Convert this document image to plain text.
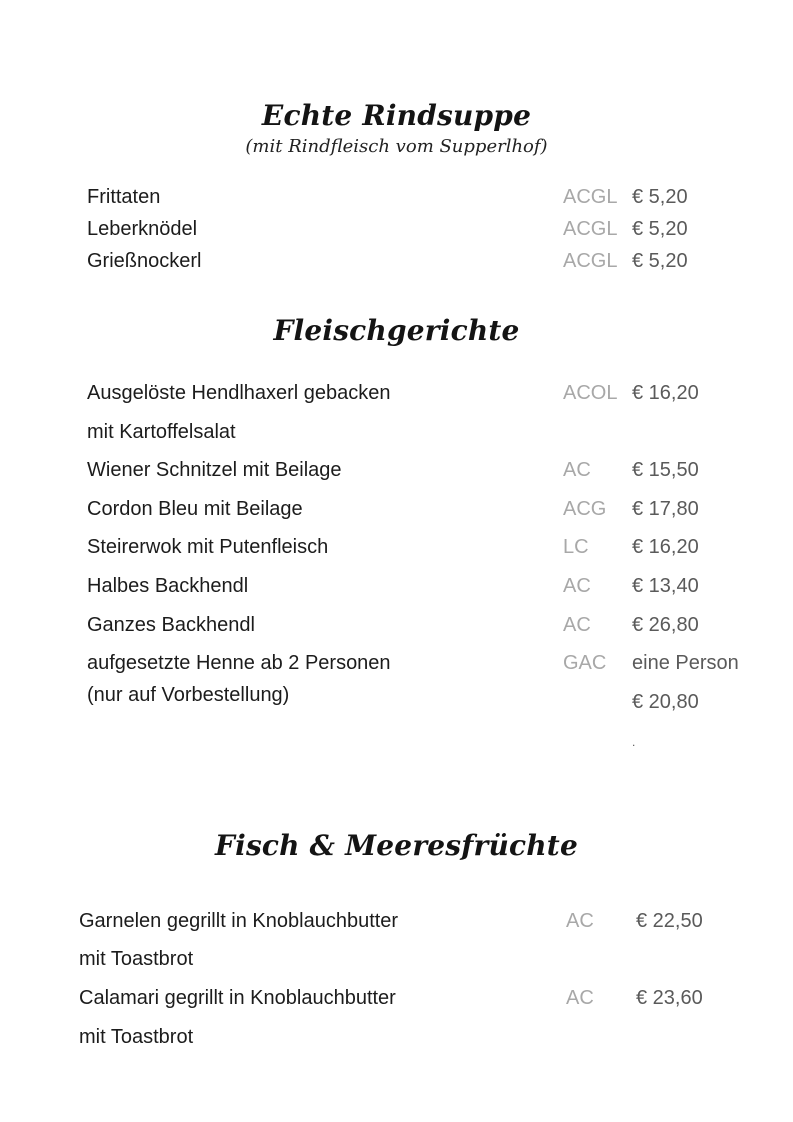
Echte Rindsuppe
(mit Rindfleisch vom Supperlhof)
Frittaten	ACGL € 5,20
Leberknödel	ACGL € 5,20
Grießnockerl	ACGL € 5,20
Fleischgerichte
Ausgelöste Hendlhaxerl gebacken	ACOL € 16,20
mit Kartoffelsalat
Wiener Schnitzel mit Beilage	AC € 15,50
Cordon Bleu mit Beilage	ACG € 17,80
Steirerwok mit Putenfleisch	LC € 16,20
Halbes Backhendl	AC € 13,40
Ganzes Backhendl	AC € 26,80
aufgesetzte Henne ab 2 Personen	GAC eine Person
(nur auf Vorbestellung)	€ 20,80
.
Fisch & Meeresfrüchte
Garnelen gegrillt in Knoblauchbutter	AC € 22,50
mit Toastbrot
Calamari gegrillt in Knoblauchbutter	AC € 23,60
mit Toastbrot
